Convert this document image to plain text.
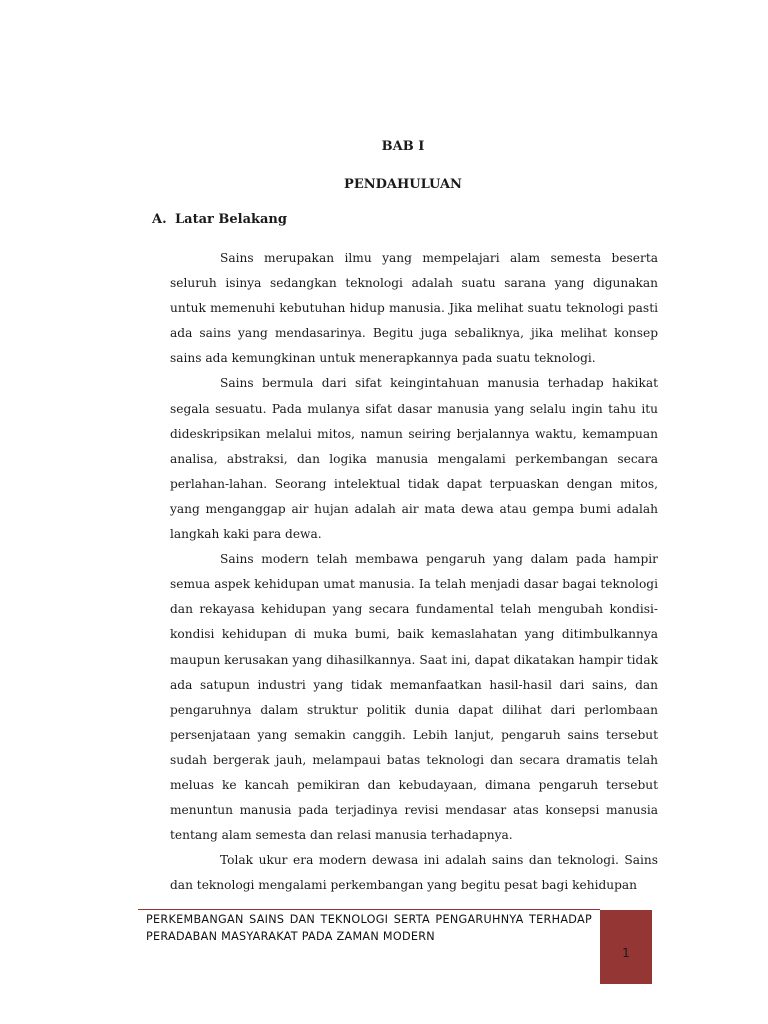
BAB I
PENDAHULUAN
A. Latar Belakang

Sains merupakan ilmu yang mempelajari alam semesta beserta seluruh isinya sedangkan teknologi adalah suatu sarana yang digunakan untuk memenuhi kebutuhan hidup manusia. Jika melihat suatu teknologi pasti ada sains yang mendasarinya. Begitu juga sebaliknya, jika melihat konsep sains ada kemungkinan untuk menerapkannya pada suatu teknologi.

Sains bermula dari sifat keingintahuan manusia terhadap hakikat segala sesuatu. Pada mulanya sifat dasar manusia yang selalu ingin tahu itu dideskripsikan melalui mitos, namun seiring berjalannya waktu, kemampuan analisa, abstraksi, dan logika manusia mengalami perkembangan secara perlahan-lahan. Seorang intelektual tidak dapat terpuaskan dengan mitos, yang menganggap air hujan adalah air mata dewa atau gempa bumi adalah langkah kaki para dewa.

Sains modern telah membawa pengaruh yang dalam pada hampir semua aspek kehidupan umat manusia. Ia telah menjadi dasar bagai teknologi dan rekayasa kehidupan yang secara fundamental telah mengubah kondisi-kondisi kehidupan di muka bumi, baik kemaslahatan yang ditimbulkannya maupun kerusakan yang dihasilkannya. Saat ini, dapat dikatakan hampir tidak ada satupun industri yang tidak memanfaatkan hasil-hasil dari sains, dan pengaruhnya dalam struktur politik dunia dapat dilihat dari perlombaan persenjataan yang semakin canggih. Lebih lanjut, pengaruh sains tersebut sudah bergerak jauh, melampaui batas teknologi dan secara dramatis telah meluas ke kancah pemikiran dan kebudayaan, dimana pengaruh tersebut menuntun manusia pada terjadinya revisi mendasar atas konsepsi manusia tentang alam semesta dan relasi manusia terhadapnya.

Tolak ukur era modern dewasa ini adalah sains dan teknologi. Sains dan teknologi mengalami perkembangan yang begitu pesat bagi kehidupan

PERKEMBANGAN SAINS DAN TEKNOLOGI SERTA PENGARUHNYA TERHADAP PERADABAN MASYARAKAT PADA ZAMAN MODERN
1
